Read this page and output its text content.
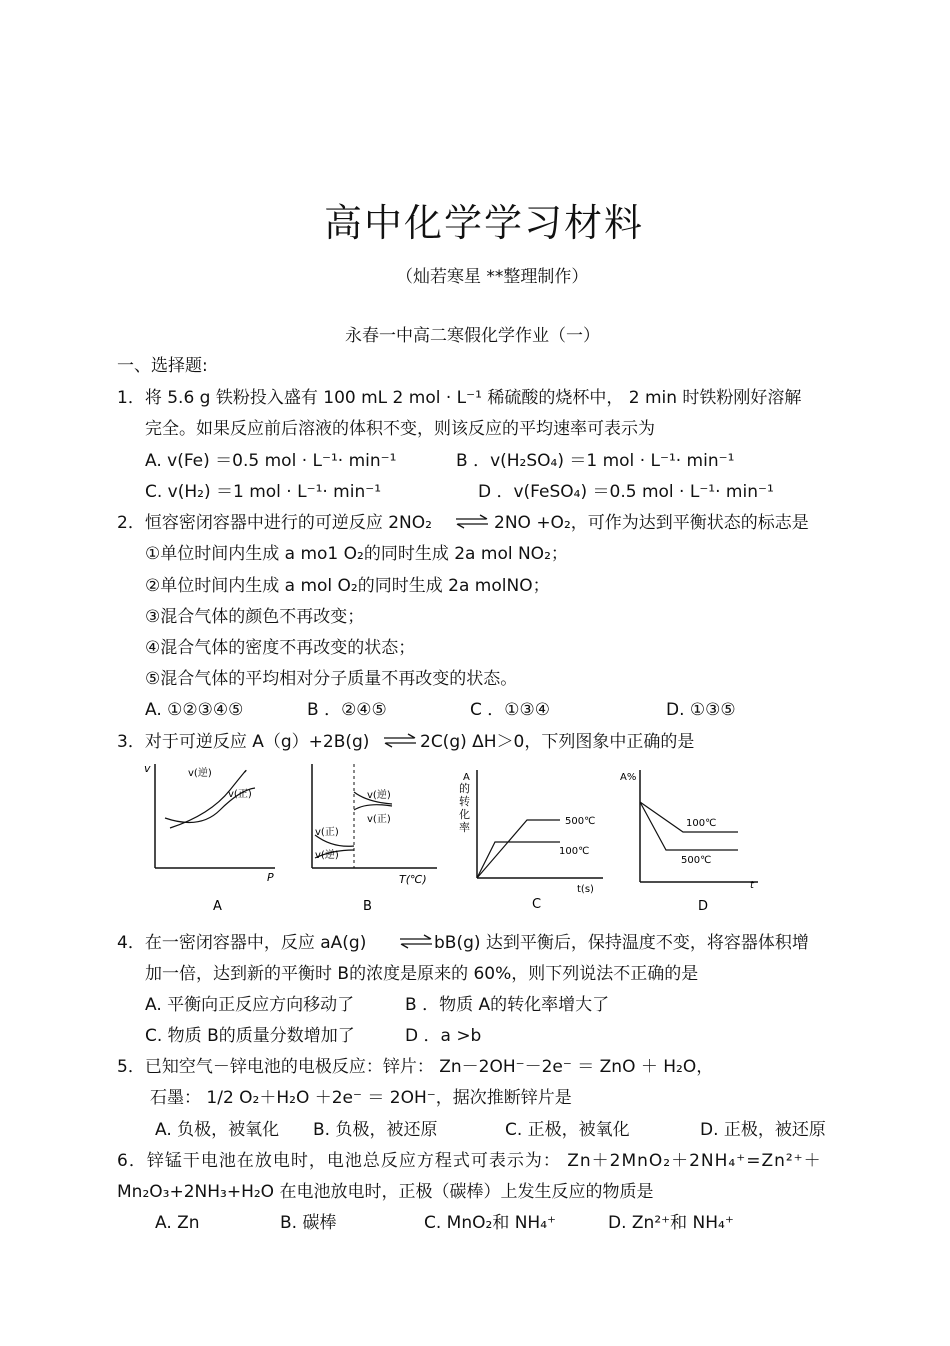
高中化学学习材料
（灿若寒星 **整理制作）
永春一中高二寒假化学作业（一）
一、选择题:
1．将 5.6 g 铁粉投入盛有 100 mL 2 mol · L⁻¹ 稀硫酸的烧杯中， 2 min 时铁粉刚好溶解
完全。如果反应前后溶液的体积不变，则该反应的平均速率可表示为
A. v(Fe) ＝0.5 mol · L⁻¹· min⁻¹	B ．v(H₂SO₄) ＝1 mol · L⁻¹· min⁻¹
C. v(H₂) ＝1 mol · L⁻¹· min⁻¹	D ．v(FeSO₄) ＝0.5 mol · L⁻¹· min⁻¹
2．恒容密闭容器中进行的可逆反应 2NO₂ ⇌ 2NO +O₂，可作为达到平衡状态的标志是
①单位时间内生成 a mo1 O₂的同时生成 2a mol NO₂；
②单位时间内生成 a mol O₂的同时生成 2a molNO；
③混合气体的颜色不再改变；
④混合气体的密度不再改变的状态；
⑤混合气体的平均相对分子质量不再改变的状态。
A. ①②③④⑤	B ．②④⑤	C ．①③④	D. ①③⑤
3．对于可逆反应 A（g）+2B(g) ⇌ 2C(g) ΔH＞0，下列图象中正确的是
v
P
v(逆)
v(正)
A
v(正)
v(逆)
v(逆)
v(正)
T(℃)
B
A
的
转
化
率	500℃
100℃
t(s)
C
A%
t
100℃
500℃
D
4．在一密闭容器中，反应 aA(g) ⇌ bB(g) 达到平衡后，保持温度不变，将容器体积增
加一倍，达到新的平衡时 B的浓度是原来的 60%，则下列说法不正确的是
A. 平衡向正反应方向移动了	B ．物质 A的转化率增大了
C. 物质 B的质量分数增加了	D ．a >b
5．已知空气－锌电池的电极反应：锌片： Zn－2OH⁻－2e⁻ ＝ ZnO ＋ H₂O，
石墨： 1/2 O₂＋H₂O ＋2e⁻ ＝ 2OH⁻，据次推断锌片是
A. 负极，被氧化 B. 负极，被还原	C. 正极，被氧化	D. 正极，被还原
6．锌锰干电池在放电时，电池总反应方程式可表示为： Zn＋2MnO₂＋2NH₄⁺=Zn²⁺＋
Mn₂O₃+2NH₃+H₂O 在电池放电时，正极（碳棒）上发生反应的物质是
A. Zn	B. 碳棒	C. MnO₂和 NH₄⁺	D. Zn²⁺和 NH₄⁺
